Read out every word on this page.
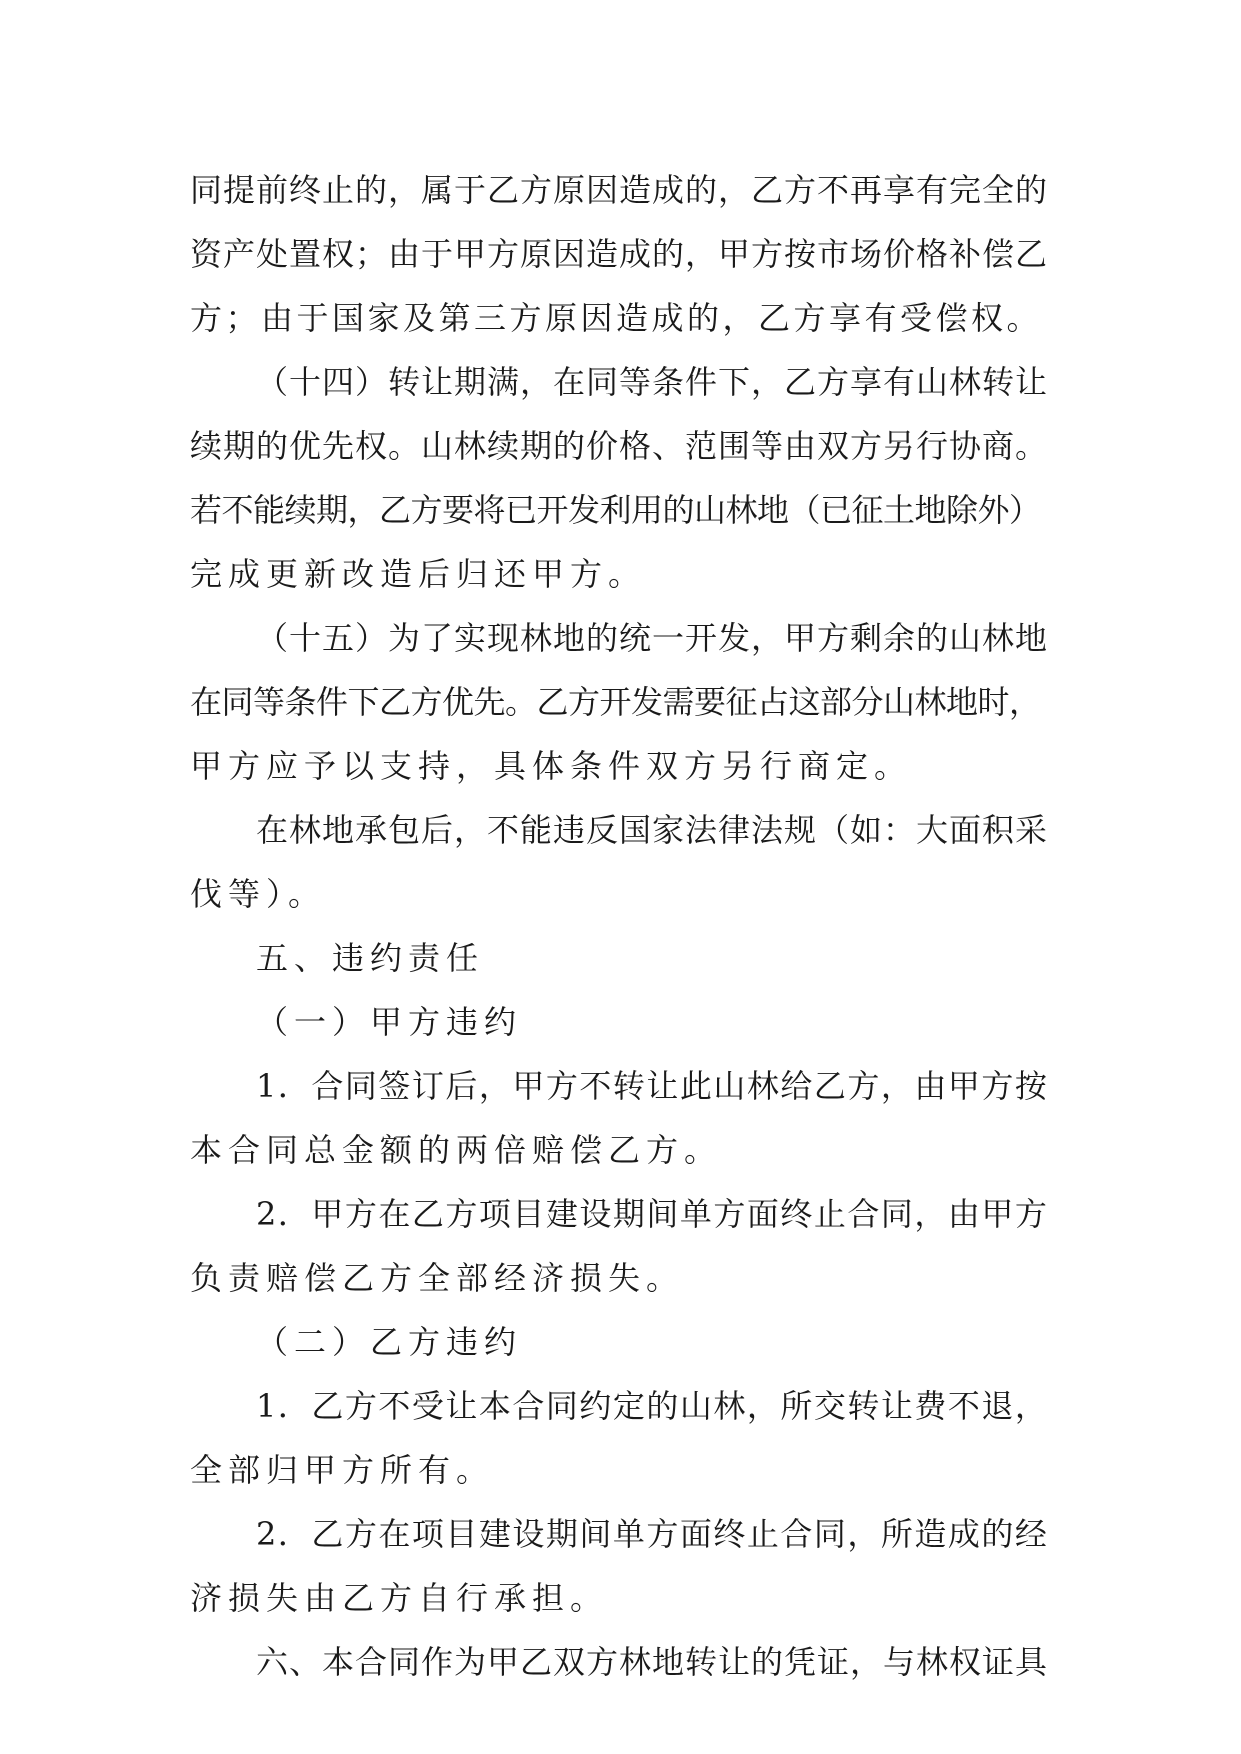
同提前终止的，属于乙方原因造成的，乙方不再享有完全的
资产处置权；由于甲方原因造成的，甲方按市场价格补偿乙
方；由于国家及第三方原因造成的，乙方享有受偿权。
（十四）转让期满，在同等条件下，乙方享有山林转让
续期的优先权。山林续期的价格、范围等由双方另行协商。
若不能续期，乙方要将已开发利用的山林地（已征土地除外）
完成更新改造后归还甲方。
（十五）为了实现林地的统一开发，甲方剩余的山林地
在同等条件下乙方优先。乙方开发需要征占这部分山林地时，
甲方应予以支持，具体条件双方另行商定。
在林地承包后，不能违反国家法律法规（如：大面积采
伐等）。
五、违约责任
（一）甲方违约
1．合同签订后，甲方不转让此山林给乙方，由甲方按
本合同总金额的两倍赔偿乙方。
2．甲方在乙方项目建设期间单方面终止合同，由甲方
负责赔偿乙方全部经济损失。
（二）乙方违约
1．乙方不受让本合同约定的山林，所交转让费不退，
全部归甲方所有。
2．乙方在项目建设期间单方面终止合同，所造成的经
济损失由乙方自行承担。
六、本合同作为甲乙双方林地转让的凭证，与林权证具
